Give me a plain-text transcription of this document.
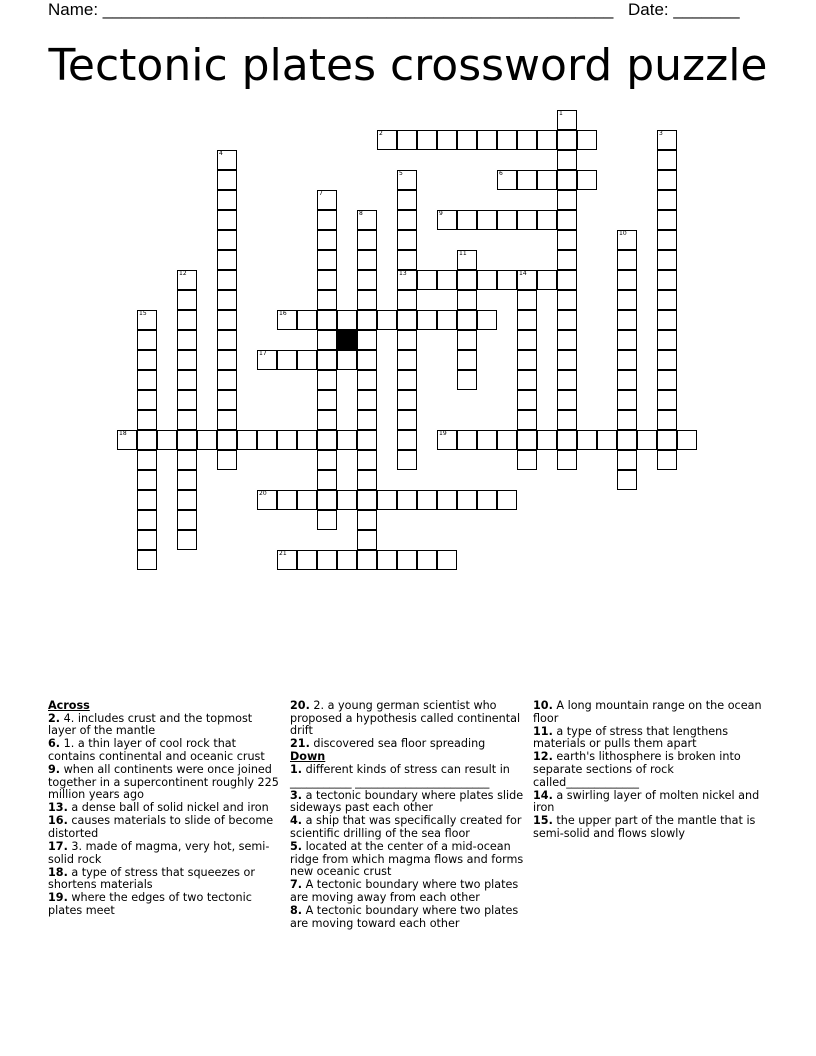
Name: ______________________________________________________ Date: _______
Tectonic plates crossword puzzle
1
2	3
4
5
13
6
7
8	9
10
11
12	14
15	16
17
18	19
20
21
Across
2. 4. includes crust and the topmost layer of the mantle
6. 1. a thin layer of cool rock that contains continental and oceanic crust
9. when all continents were once joined together in a supercontinent roughly 225 million years ago
13. a dense ball of solid nickel and iron
16. causes materials to slide of become distorted
17. 3. made of magma, very hot, semi-solid rock
18. a type of stress that squeezes or shortens materials
19. where the edges of two tectonic plates meet
20. 2. a young german scientist who proposed a hypothesis called continental drift
21. discovered sea floor spreading
Down
1. different kinds of stress can result in ___________ ________________________
3. a tectonic boundary where plates slide sideways past each other
4. a ship that was specifically created for scientific drilling of the sea floor
5. located at the center of a mid-ocean ridge from which magma flows and forms new oceanic crust
7. A tectonic boundary where two plates are moving away from each other
8. A tectonic boundary where two plates are moving toward each other
10. A long mountain range on the ocean floor
11. a type of stress that lengthens materials or pulls them apart
12. earth's lithosphere is broken into separate sections of rock called_____________
14. a swirling layer of molten nickel and iron
15. the upper part of the mantle that is semi-solid and flows slowly
